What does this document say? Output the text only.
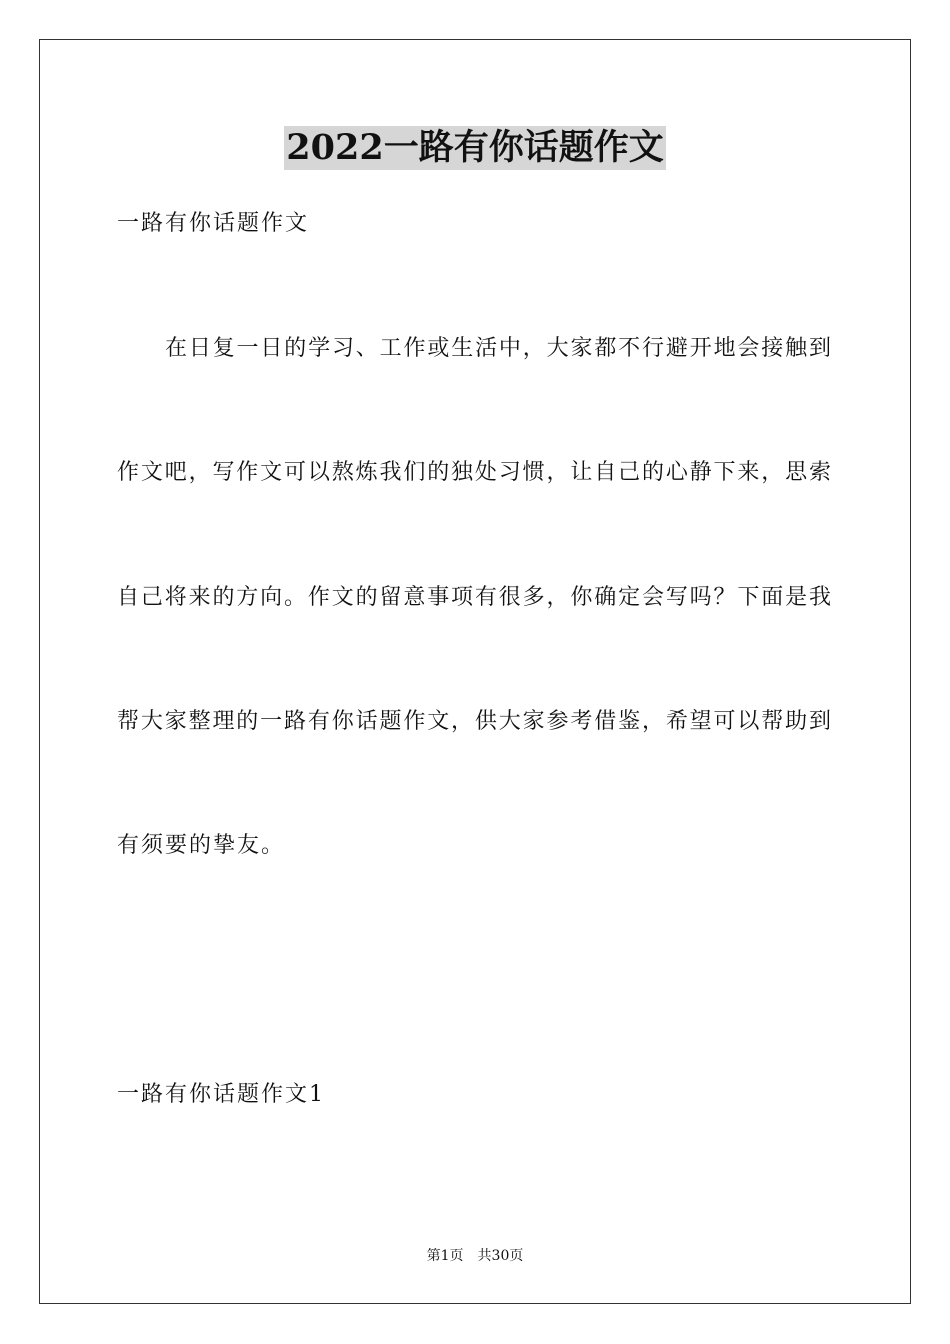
2022一路有你话题作文

一路有你话题作文

在日复一日的学习、工作或生活中，大家都不行避开地会接触到

作文吧，写作文可以熬炼我们的独处习惯，让自己的心静下来，思索

自己将来的方向。作文的留意事项有很多，你确定会写吗？下面是我

帮大家整理的一路有你话题作文，供大家参考借鉴，希望可以帮助到

有须要的挚友。

一路有你话题作文1

第1页 共30页
